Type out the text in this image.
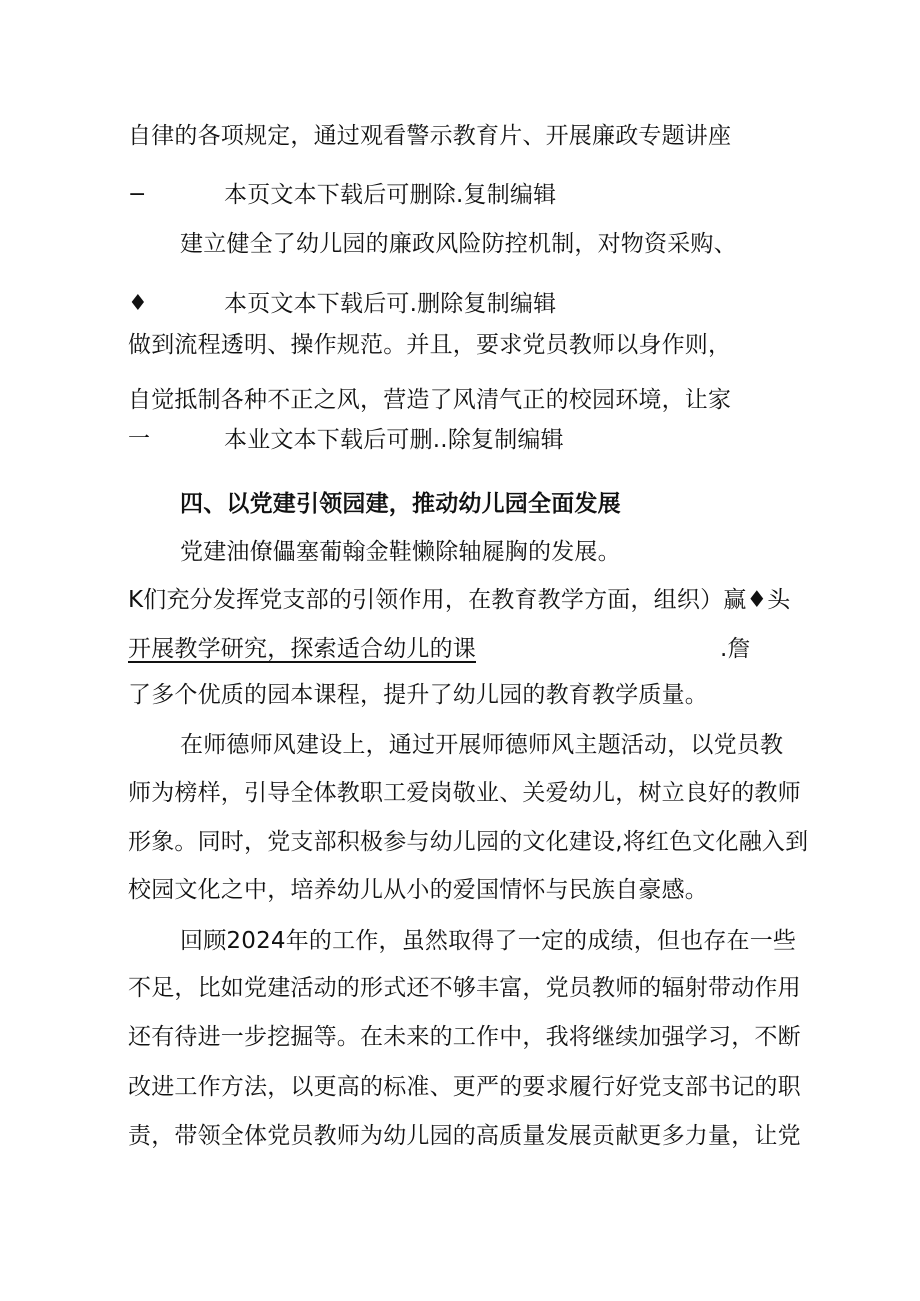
自律的各项规定，通过观看警示教育片、开展廉政专题讲座
−	本页文本下载后可删除.复制编辑
建立健全了幼儿园的廉政风险防控机制，对物资采购、
♦	本页文本下载后可.删除复制编辑
做到流程透明、操作规范。并且，要求党员教师以身作则，
自觉抵制各种不正之风，营造了风清气正的校园环境，让家
一	本业文本下载后可删..除复制编辑
四、以党建引领园建，推动幼儿园全面发展
党建油僚儡塞葡翰金鞋懒除轴屣胸的发展。
K们充分发挥党支部的引领作用，在教育教学方面，组织）赢♦头
开展教学研究，探索适合幼儿的课	.詹
了多个优质的园本课程，提升了幼儿园的教育教学质量。
在师德师风建设上，通过开展师德师风主题活动，以党员教
师为榜样，引导全体教职工爱岗敬业、关爱幼儿，树立良好的教师
形象。同时，党支部积极参与幼儿园的文化建设,将红色文化融入到
校园文化之中，培养幼儿从小的爱国情怀与民族自豪感。
回顾2024年的工作，虽然取得了一定的成绩，但也存在一些
不足，比如党建活动的形式还不够丰富，党员教师的辐射带动作用
还有待进一步挖掘等。在未来的工作中，我将继续加强学习，不断
改进工作方法，以更高的标准、更严的要求履行好党支部书记的职
责，带领全体党员教师为幼儿园的高质量发展贡献更多力量，让党
